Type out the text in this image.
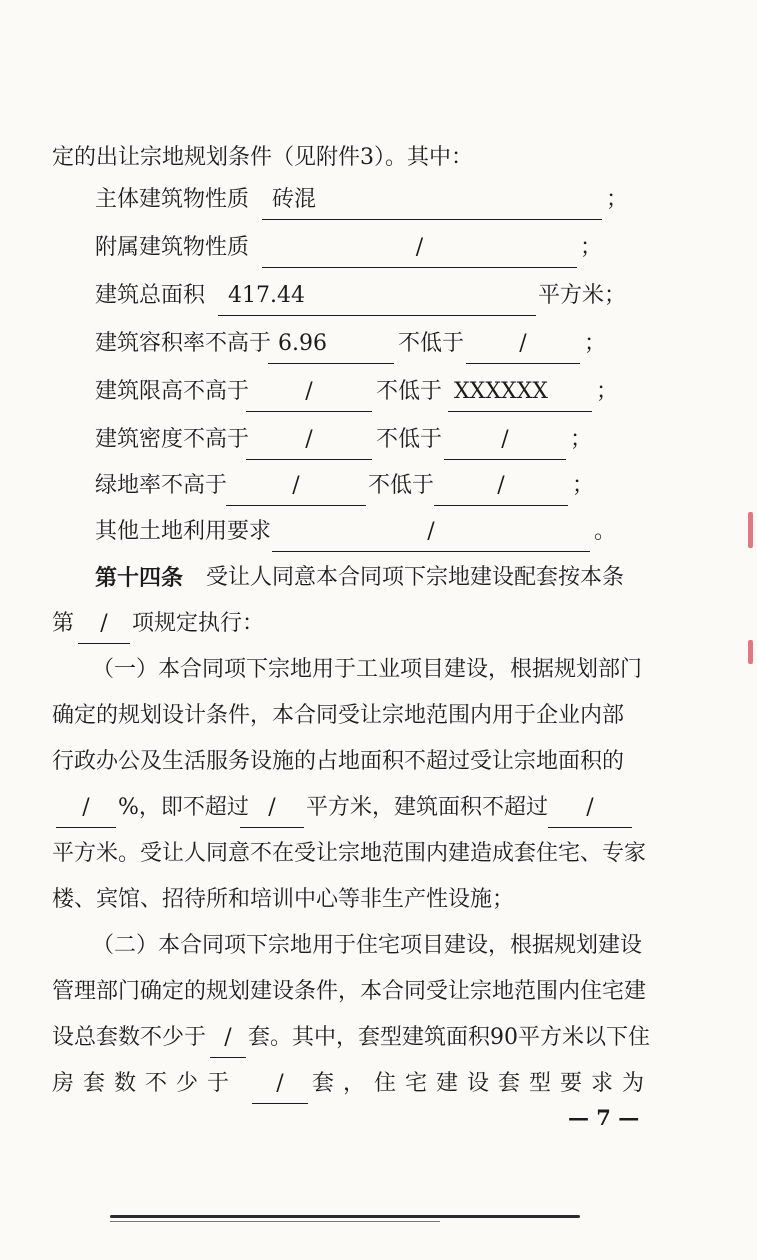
定的出让宗地规划条件（见附件3）。其中：
主体建筑物性质	砖混	；
附属建筑物性质	/	；
建筑总面积	417.44	平方米；
建筑容积率不高于 6.96	不低于	/	；
建筑限高不高于	/	不低于 XXXXXX	；
建筑密度不高于	/	不低于	/	；
绿地率不高于	/	不低于	/	；
其他土地利用要求	/	。
第十四条 受让人同意本合同项下宗地建设配套按本条
第	/	项规定执行：
（一）本合同项下宗地用于工业项目建设，根据规划部门
确定的规划设计条件，本合同受让宗地范围内用于企业内部
行政办公及生活服务设施的占地面积不超过受让宗地面积的
/	%，即不超过 /	平方米，建筑面积不超过	/
平方米。受让人同意不在受让宗地范围内建造成套住宅、专家
楼、宾馆、招待所和培训中心等非生产性设施；
（二）本合同项下宗地用于住宅项目建设，根据规划建设
管理部门确定的规划建设条件，本合同受让宗地范围内住宅建
设总套数不少于 / 套。其中，套型建筑面积90平方米以下住
房套数不少于	/	套，住宅建设套型要求为
— 7 —
